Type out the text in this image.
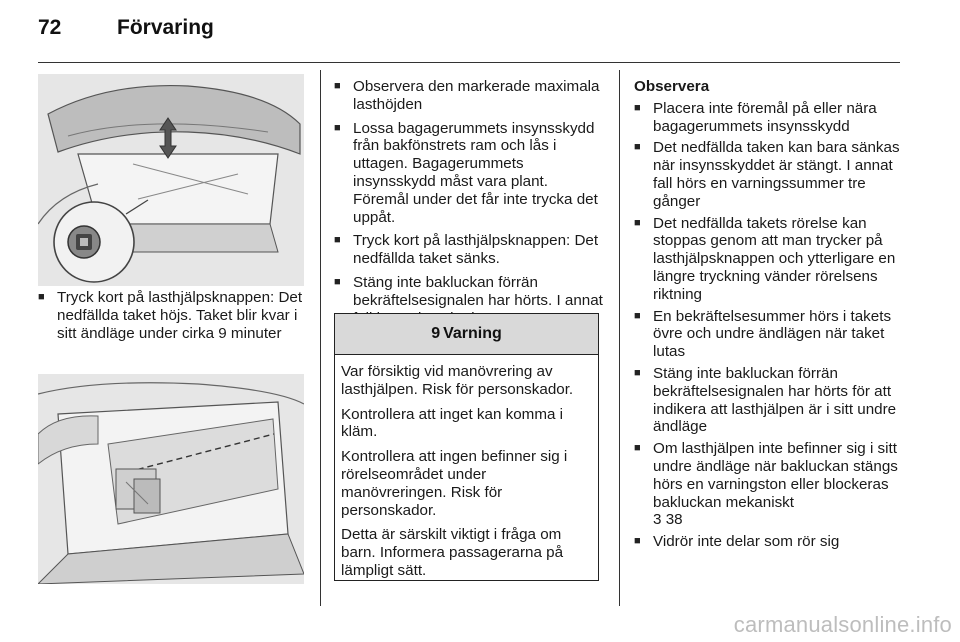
72	Förvaring

■ Tryck kort på lasthjälpsknappen: Det nedfällda taket höjs. Taket blir kvar i sitt ändläge under cirka 9 minuter

■ Observera den markerade maximala lasthöjden

■ Lossa bagagerummets insynsskydd från bakfönstrets ram och lås i uttagen. Bagagerummets insynsskydd måst vara plant. Föremål under det får inte trycka det uppåt.

■ Tryck kort på lasthjälpsknappen: Det nedfällda taket sänks.

■ Stäng inte bakluckan förrän bekräftelsesignalen har hörts. I annat

9 Varning

Var försiktig vid manövrering av lasthjälpen. Risk för personskador.

Kontrollera att inget kan komma i kläm.

Kontrollera att ingen befinner sig i rörelseområdet under manövreringen. Risk för personskador.

Detta är särskilt viktigt i fråga om barn. Informera passagerarna på lämpligt sätt.

Observera

■ Placera inte föremål på eller nära bagagerummets insynsskydd

■ Det nedfällda taken kan bara sänkas när insynsskyddet är stängt. I annat fall hörs en varningssummer tre gånger

■ Det nedfällda takets rörelse kan stoppas genom att man trycker på lasthjälpsknappen och ytterligare en längre tryckning vänder rörelsens riktning

■ En bekräftelsesummer hörs i takets övre och undre ändlägen när taket lutas

■ Stäng inte bakluckan förrän bekräftelsesignalen har hörts för att indikera att lasthjälpen är i sitt undre ändläge

■ Om lasthjälpen inte befinner sig i sitt undre ändläge när bakluckan stängs hörs en varningston eller blockeras bakluckan mekaniskt
3 38

■ Vidrör inte delar som rör sig

carmanualsonline.info
